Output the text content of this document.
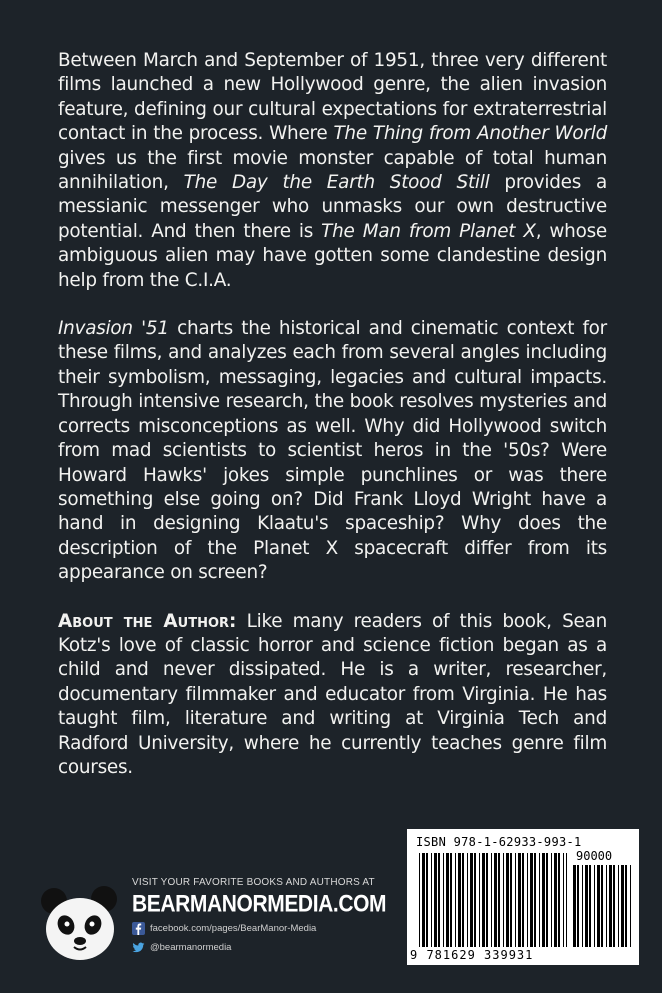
Between March and September of 1951, three very different films launched a new Hollywood genre, the alien invasion feature, defining our cultural expectations for extraterrestrial contact in the process. Where The Thing from Another World gives us the first movie monster capable of total human annihilation, The Day the Earth Stood Still provides a messianic messenger who unmasks our own destructive potential. And then there is The Man from Planet X, whose ambiguous alien may have gotten some clandestine design help from the C.I.A.

Invasion '51 charts the historical and cinematic context for these films, and analyzes each from several angles including their symbolism, messaging, legacies and cultural impacts. Through intensive research, the book resolves mysteries and corrects misconceptions as well. Why did Hollywood switch from mad scientists to scientist heros in the '50s? Were Howard Hawks' jokes simple punchlines or was there something else going on? Did Frank Lloyd Wright have a hand in designing Klaatu's spaceship? Why does the description of the Planet X spacecraft differ from its appearance on screen?

About the Author: Like many readers of this book, Sean Kotz's love of classic horror and science fiction began as a child and never dissipated. He is a writer, researcher, documentary filmmaker and educator from Virginia. He has taught film, literature and writing at Virginia Tech and Radford University, where he currently teaches genre film courses.

VISIT YOUR FAVORITE BOOKS AND AUTHORS AT
BEARMANORMEDIA.COM
facebook.com/pages/BearManor-Media
@bearmanormedia
ISBN 978-1-62933-993-1
90000
9 781629 339931
